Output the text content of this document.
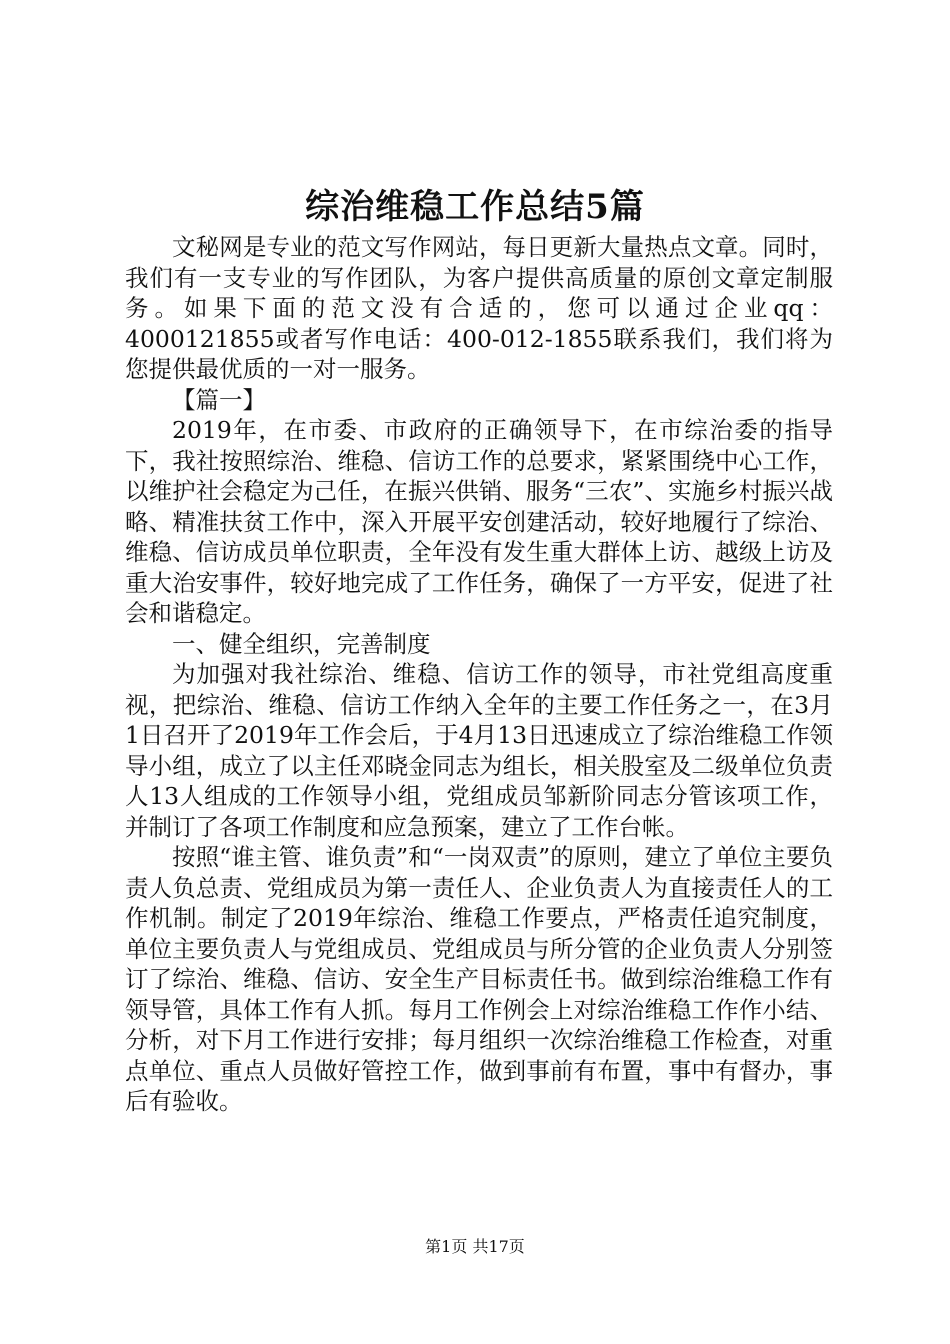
综治维稳工作总结5篇

文秘网是专业的范文写作网站，每日更新大量热点文章。同时，我们有一支专业的写作团队，为客户提供高质量的原创文章定制服务。如果下面的范文没有合适的，您可以通过企业qq：4000121855或者写作电话：400-012-1855联系我们，我们将为您提供最优质的一对一服务。

【篇一】

2019年，在市委、市政府的正确领导下，在市综治委的指导下，我社按照综治、维稳、信访工作的总要求，紧紧围绕中心工作，以维护社会稳定为己任，在振兴供销、服务“三农”、实施乡村振兴战略、精准扶贫工作中，深入开展平安创建活动，较好地履行了综治、维稳、信访成员单位职责，全年没有发生重大群体上访、越级上访及重大治安事件，较好地完成了工作任务，确保了一方平安，促进了社会和谐稳定。

一、健全组织，完善制度

为加强对我社综治、维稳、信访工作的领导，市社党组高度重视，把综治、维稳、信访工作纳入全年的主要工作任务之一，在3月1日召开了2019年工作会后，于4月13日迅速成立了综治维稳工作领导小组，成立了以主任邓晓金同志为组长，相关股室及二级单位负责人13人组成的工作领导小组，党组成员邹新阶同志分管该项工作，并制订了各项工作制度和应急预案，建立了工作台帐。

按照“谁主管、谁负责”和“一岗双责”的原则，建立了单位主要负责人负总责、党组成员为第一责任人、企业负责人为直接责任人的工作机制。制定了2019年综治、维稳工作要点，严格责任追究制度，单位主要负责人与党组成员、党组成员与所分管的企业负责人分别签订了综治、维稳、信访、安全生产目标责任书。做到综治维稳工作有领导管，具体工作有人抓。每月工作例会上对综治维稳工作作小结、分析，对下月工作进行安排；每月组织一次综治维稳工作检查，对重点单位、重点人员做好管控工作，做到事前有布置，事中有督办，事后有验收。

第1页 共17页
